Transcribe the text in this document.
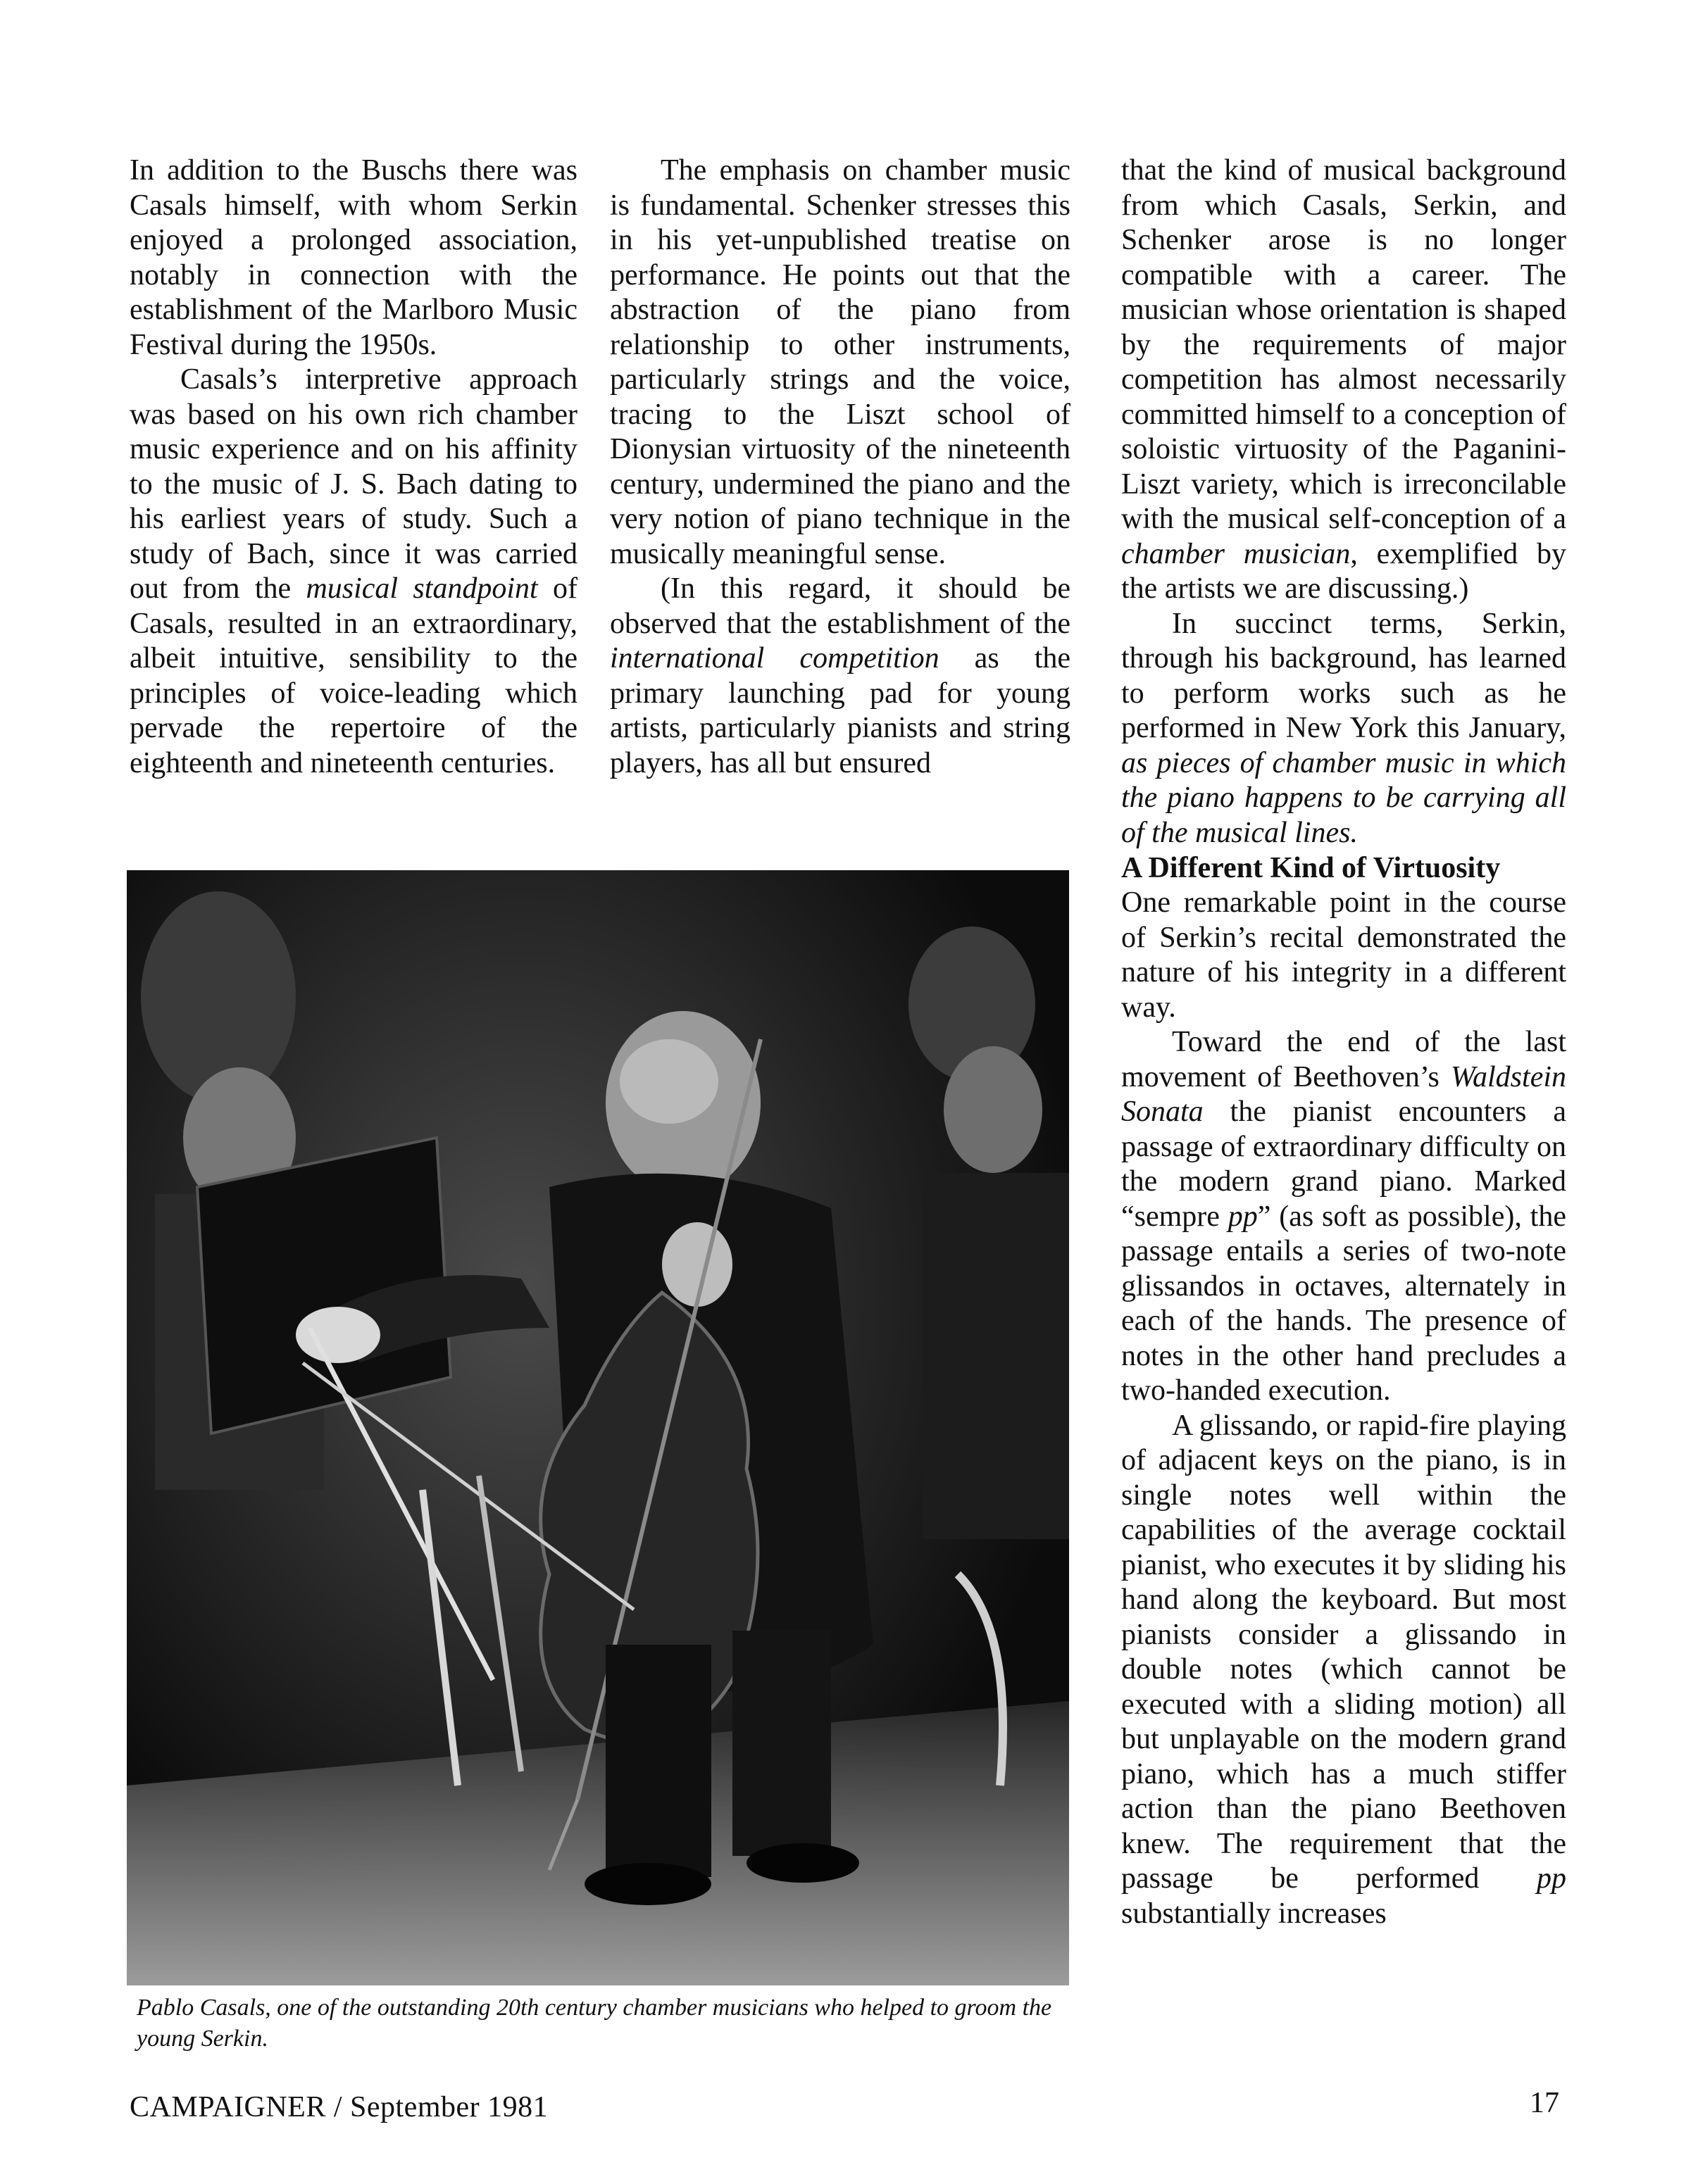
In addition to the Buschs there was Casals himself, with whom Serkin enjoyed a prolonged association, notably in connection with the establishment of the Marlboro Music Festival during the 1950s.

Casals’s interpretive approach was based on his own rich chamber music experience and on his affinity to the music of J. S. Bach dating to his earliest years of study. Such a study of Bach, since it was carried out from the musical standpoint of Casals, resulted in an extraordinary, albeit intuitive, sensibility to the principles of voice-leading which pervade the repertoire of the eighteenth and nineteenth centuries.

The emphasis on chamber music is fundamental. Schenker stresses this in his yet-unpublished treatise on performance. He points out that the abstraction of the piano from relationship to other instruments, particularly strings and the voice, tracing to the Liszt school of Dionysian virtuosity of the nineteenth century, undermined the piano and the very notion of piano technique in the musically meaningful sense.

(In this regard, it should be observed that the establishment of the international competition as the primary launching pad for young artists, particularly pianists and string players, has all but ensured

that the kind of musical background from which Casals, Serkin, and Schenker arose is no longer compatible with a career. The musician whose orientation is shaped by the requirements of major competition has almost necessarily committed himself to a conception of soloistic virtuosity of the Paganini-Liszt variety, which is irreconcilable with the musical self-conception of a chamber musician, exemplified by the artists we are discussing.)

In succinct terms, Serkin, through his background, has learned to perform works such as he performed in New York this January, as pieces of chamber music in which the piano happens to be carrying all of the musical lines.

A Different Kind of Virtuosity

One remarkable point in the course of Serkin’s recital demonstrated the nature of his integrity in a different way.

Toward the end of the last movement of Beethoven’s Waldstein Sonata the pianist encounters a passage of extraordinary difficulty on the modern grand piano. Marked “sempre pp” (as soft as possible), the passage entails a series of two-note glissandos in octaves, alternately in each of the hands. The presence of notes in the other hand precludes a two-handed execution.

A glissando, or rapid-fire playing of adjacent keys on the piano, is in single notes well within the capabilities of the average cocktail pianist, who executes it by sliding his hand along the keyboard. But most pianists consider a glissando in double notes (which cannot be executed with a sliding motion) all but unplayable on the modern grand piano, which has a much stiffer action than the piano Beethoven knew. The requirement that the passage be performed pp substantially increases

Pablo Casals, one of the outstanding 20th century chamber musicians who helped to groom the young Serkin.
CAMPAIGNER / September 1981	17
